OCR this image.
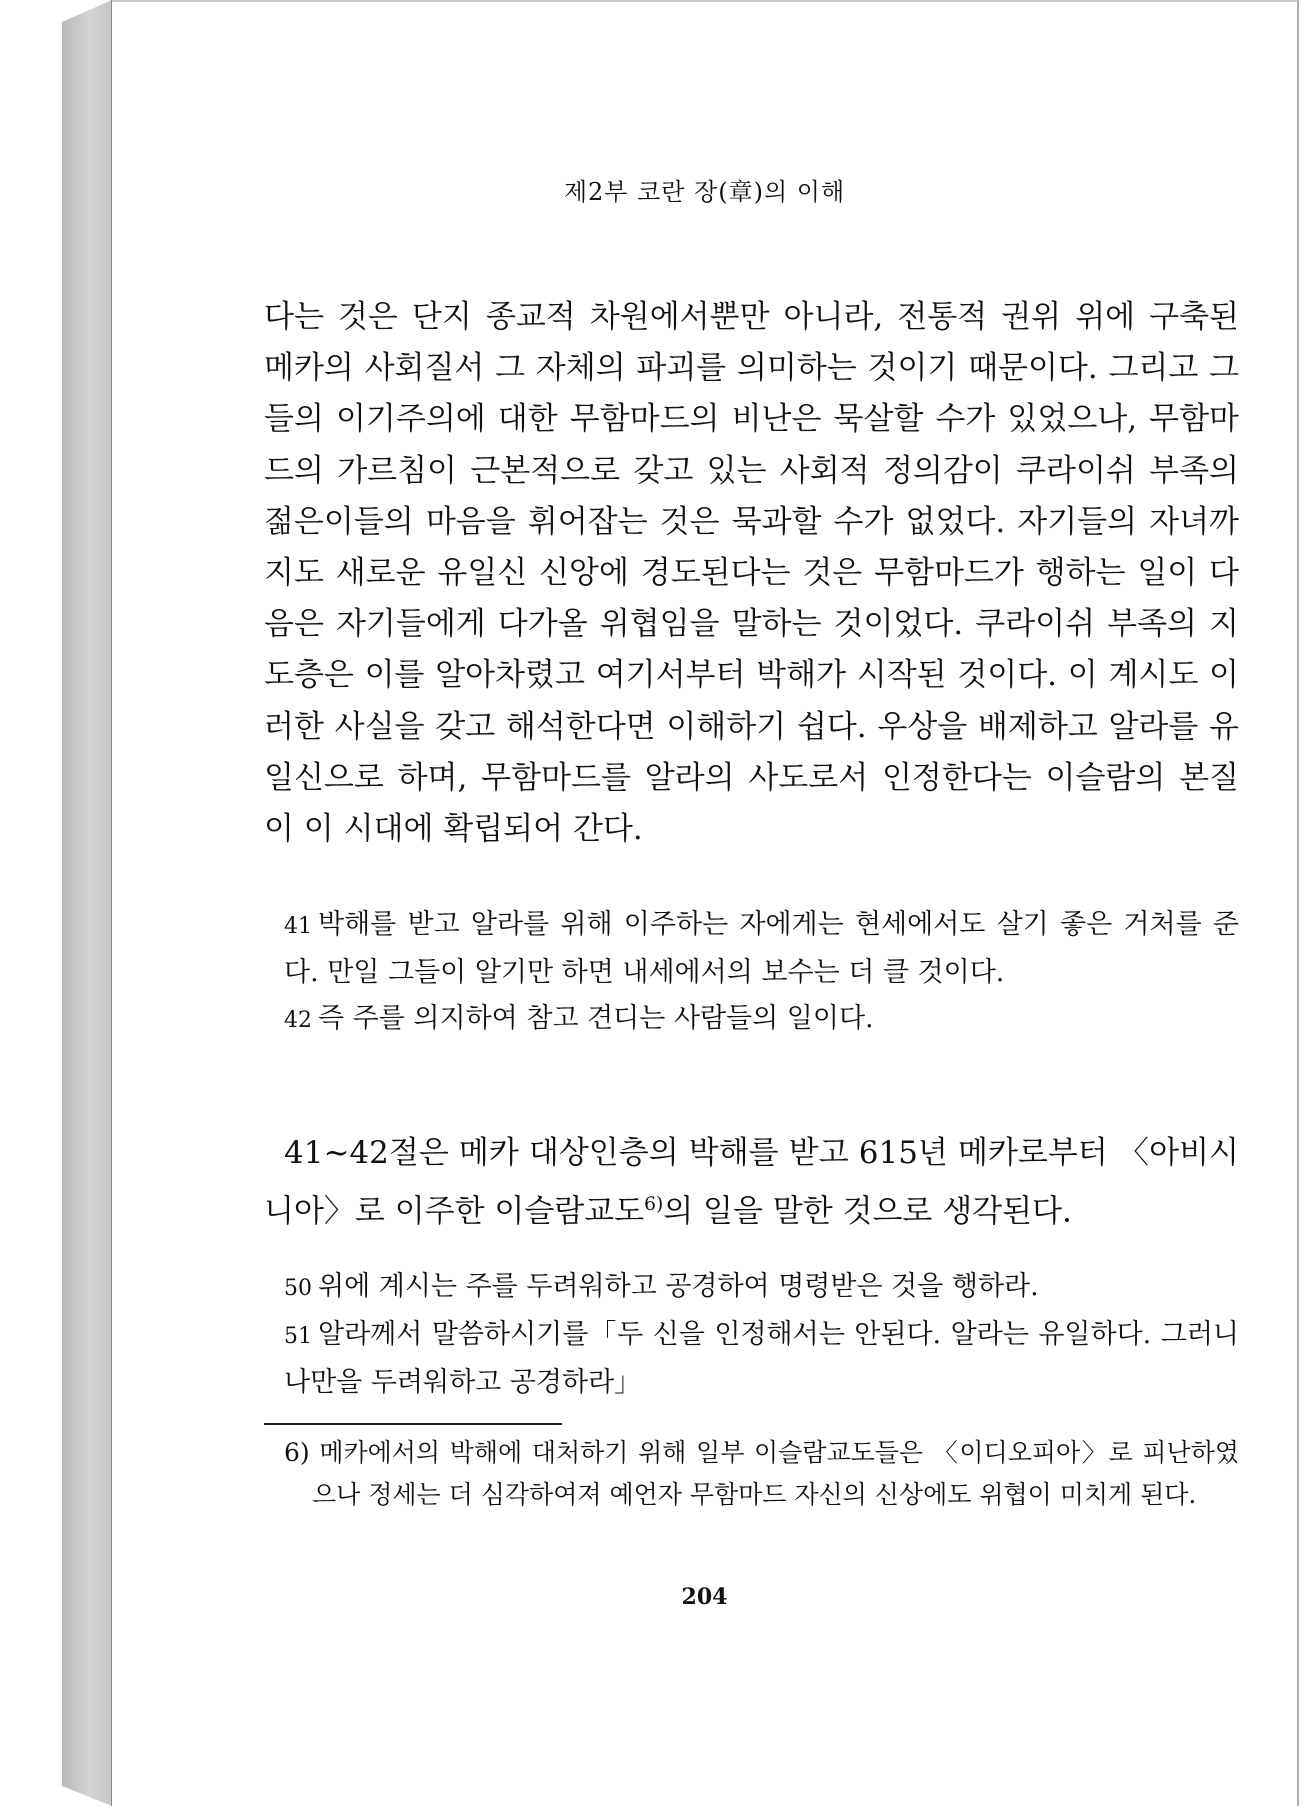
제2부 코란 장(章)의 이해

다는 것은 단지 종교적 차원에서뿐만 아니라, 전통적 권위 위에 구축된 메카의 사회질서 그 자체의 파괴를 의미하는 것이기 때문이다. 그리고 그들의 이기주의에 대한 무함마드의 비난은 묵살할 수가 있었으나, 무함마드의 가르침이 근본적으로 갖고 있는 사회적 정의감이 쿠라이쉬 부족의 젊은이들의 마음을 휘어잡는 것은 묵과할 수가 없었다. 자기들의 자녀까지도 새로운 유일신 신앙에 경도된다는 것은 무함마드가 행하는 일이 다음은 자기들에게 다가올 위협임을 말하는 것이었다. 쿠라이쉬 부족의 지도층은 이를 알아차렸고 여기서부터 박해가 시작된 것이다. 이 계시도 이러한 사실을 갖고 해석한다면 이해하기 쉽다. 우상을 배제하고 알라를 유일신으로 하며, 무함마드를 알라의 사도로서 인정한다는 이슬람의 본질이 이 시대에 확립되어 간다.

41 박해를 받고 알라를 위해 이주하는 자에게는 현세에서도 살기 좋은 거처를 준다. 만일 그들이 알기만 하면 내세에서의 보수는 더 클 것이다.
42 즉 주를 의지하여 참고 견디는 사람들의 일이다.

41~42절은 메카 대상인층의 박해를 받고 615년 메카로부터 〈아비시니아〉로 이주한 이슬람교도$^{6)}$의 일을 말한 것으로 생각된다.

50 위에 계시는 주를 두려워하고 공경하여 명령받은 것을 행하라.
51 알라께서 말씀하시기를「두 신을 인정해서는 안된다. 알라는 유일하다. 그러니 나만을 두려워하고 공경하라」
6) 메카에서의 박해에 대처하기 위해 일부 이슬람교도들은 〈이디오피아〉로 피난하였으나 정세는 더 심각하여져 예언자 무함마드 자신의 신상에도 위협이 미치게 된다.
204
